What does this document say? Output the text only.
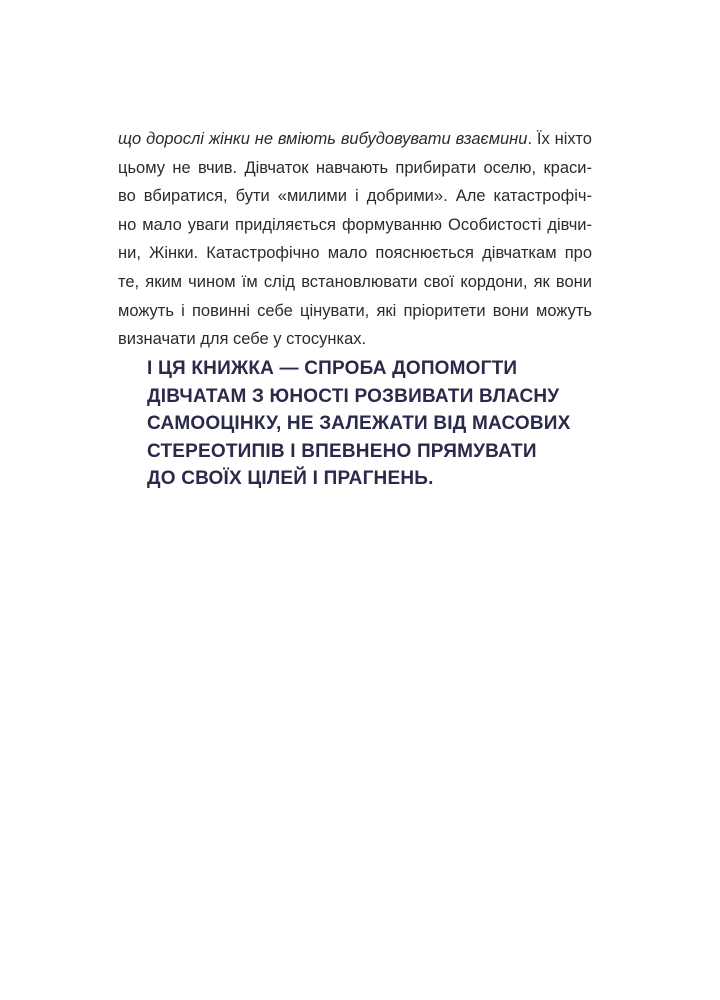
що дорослі жінки не вміють вибудовувати взаємини. Їх ніхто
цьому не вчив. Дівчаток навчають прибирати оселю, краси-
во вбиратися, бути «милими і добрими». Але катастрофіч-
но мало уваги приділяється формуванню Особистості дівчи-
ни, Жінки. Катастрофічно мало пояснюється дівчаткам про
те, яким чином їм слід встановлювати свої кордони, як вони
можуть і повинні себе цінувати, які пріоритети вони можуть
визначати для себе у стосунках.
І ЦЯ КНИЖКА — СПРОБА ДОПОМОГТИ
ДІВЧАТАМ З ЮНОСТІ РОЗВИВАТИ ВЛАСНУ
САМООЦІНКУ, НЕ ЗАЛЕЖАТИ ВІД МАСОВИХ
СТЕРЕОТИПІВ І ВПЕВНЕНО ПРЯМУВАТИ
ДО СВОЇХ ЦІЛЕЙ І ПРАГНЕНЬ.
